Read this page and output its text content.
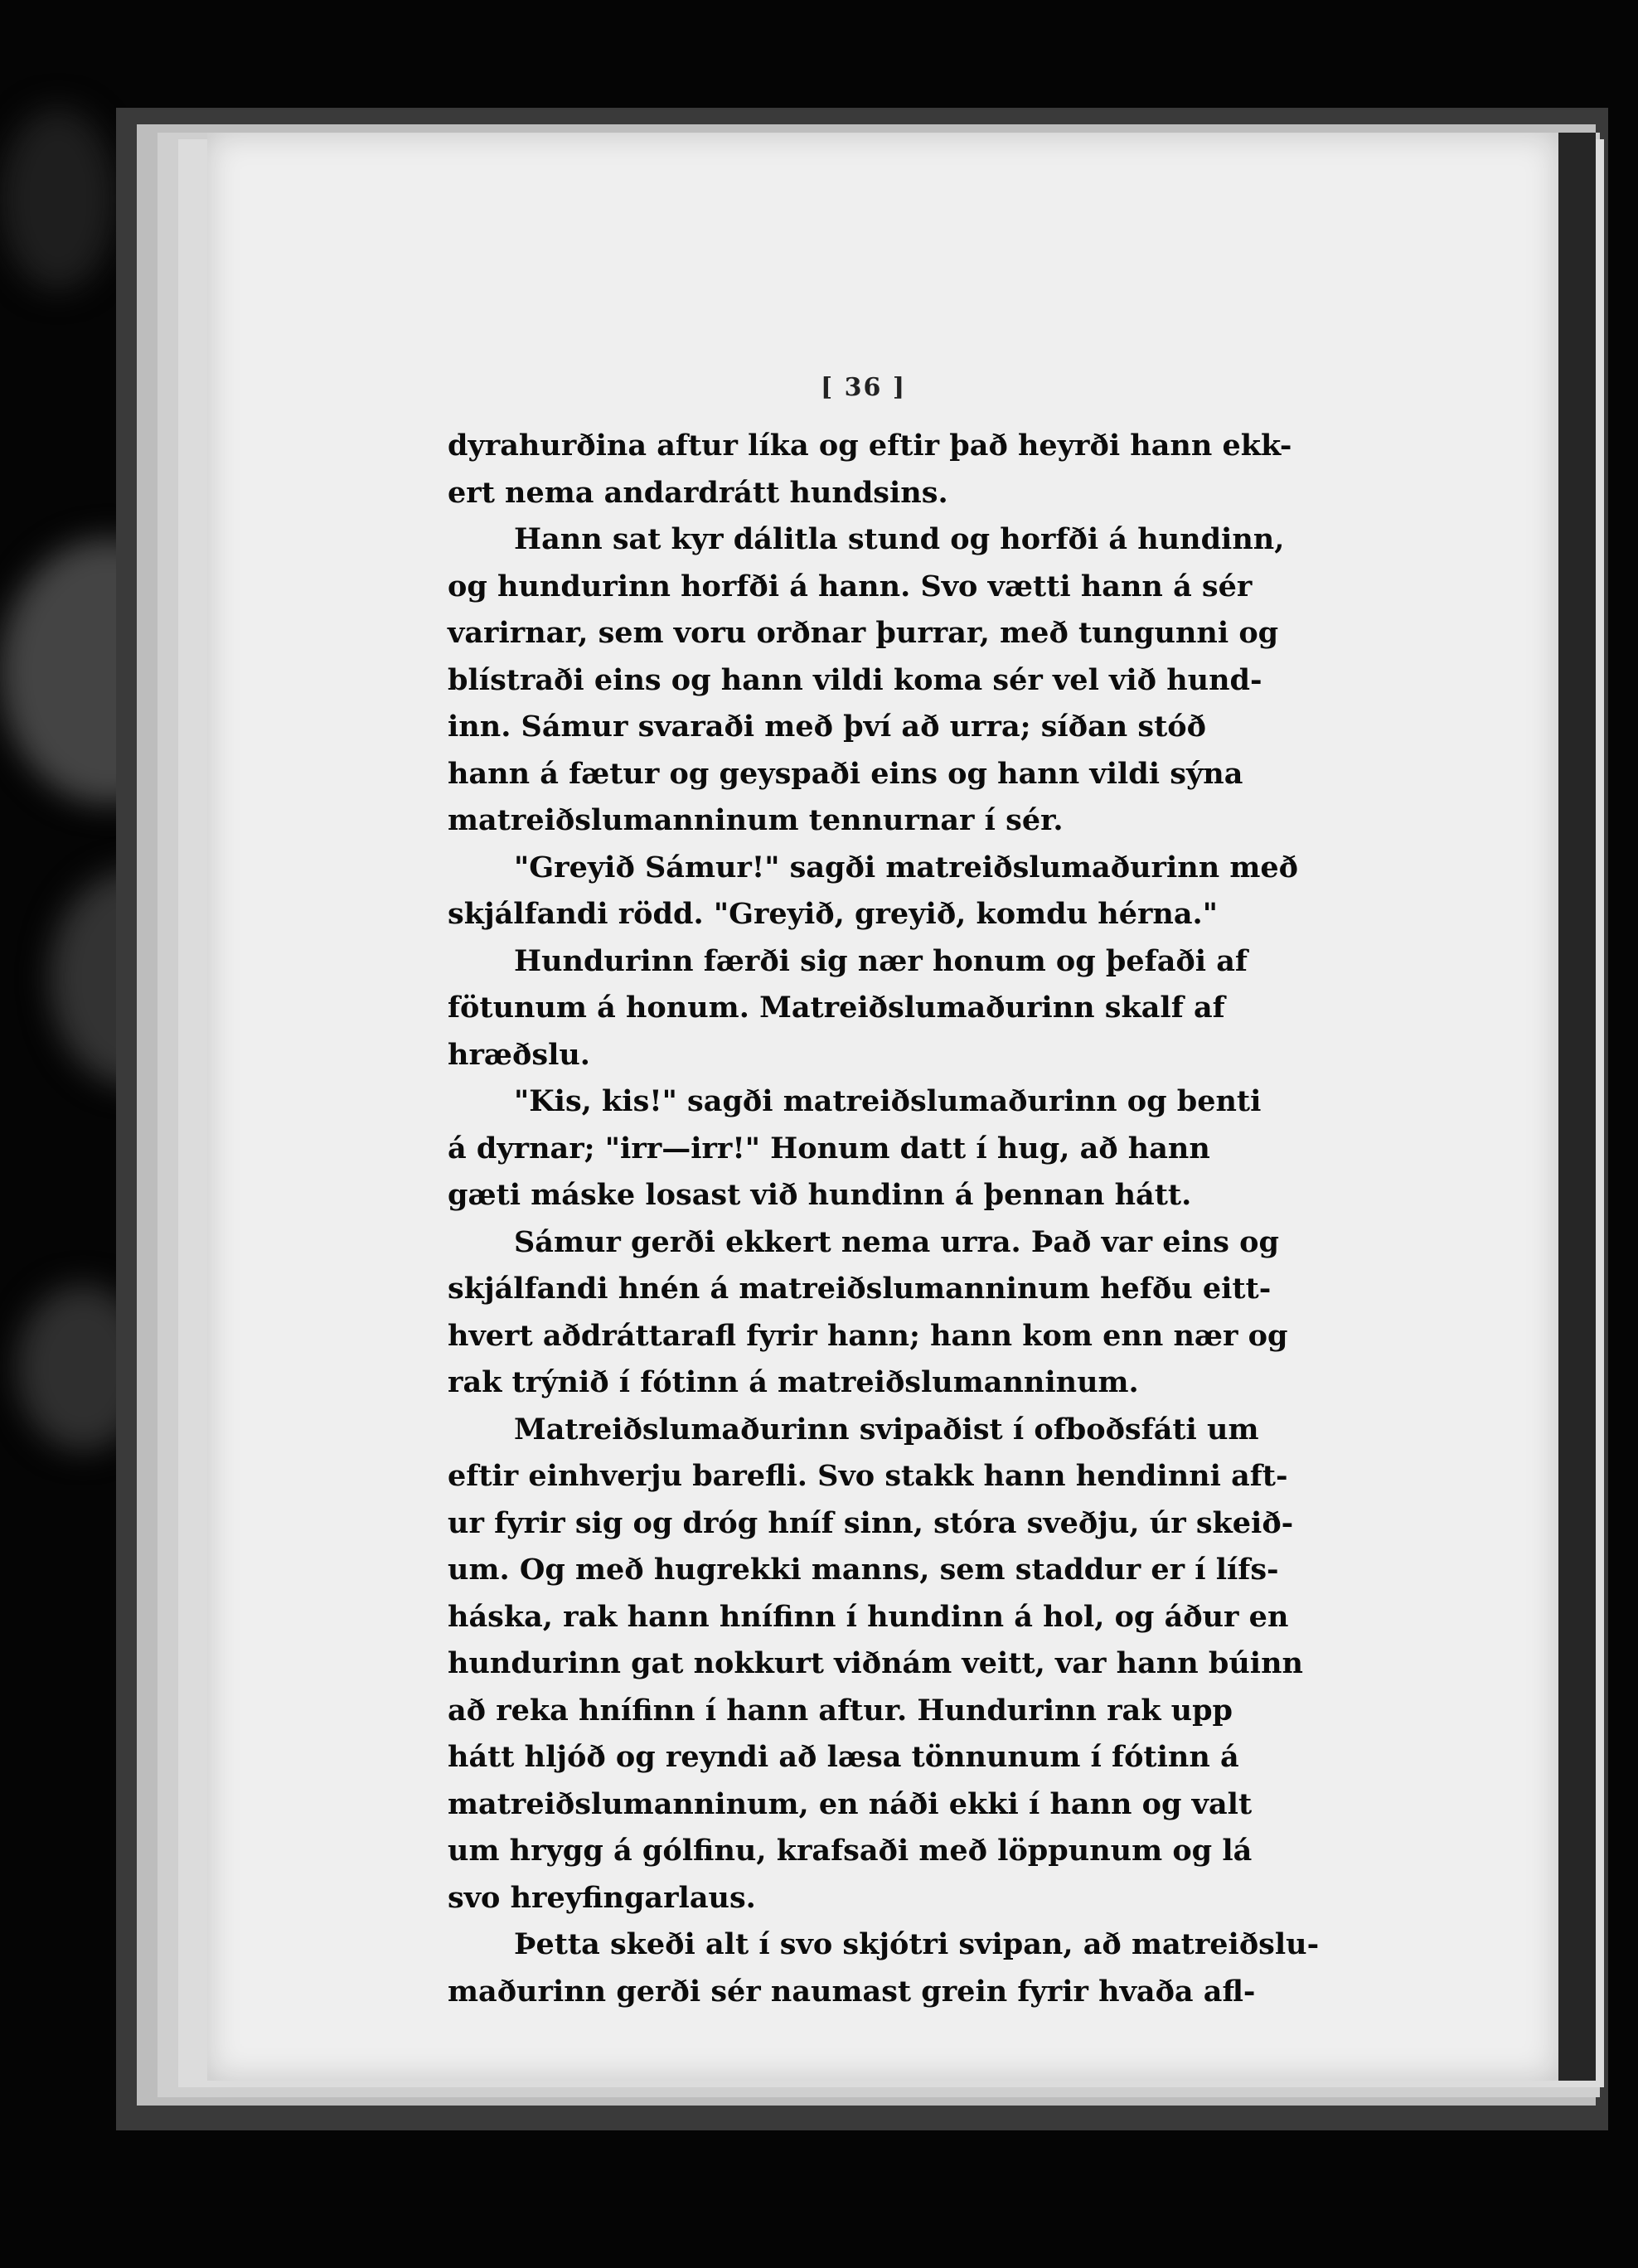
[ 36 ]
dyrahurðina aftur líka og eftir það heyrði hann ekk-
ert nema andardrátt hundsins.
Hann sat kyr dálitla stund og horfði á hundinn,
og hundurinn horfði á hann. Svo vætti hann á sér
varirnar, sem voru orðnar þurrar, með tungunni og
blístraði eins og hann vildi koma sér vel við hund-
inn. Sámur svaraði með því að urra; síðan stóð
hann á fætur og geyspaði eins og hann vildi sýna
matreiðslumanninum tennurnar í sér.
"Greyið Sámur!" sagði matreiðslumaðurinn með
skjálfandi rödd. "Greyið, greyið, komdu hérna."
Hundurinn færði sig nær honum og þefaði af
fötunum á honum. Matreiðslumaðurinn skalf af
hræðslu.
"Kis, kis!" sagði matreiðslumaðurinn og benti
á dyrnar; "irr—irr!" Honum datt í hug, að hann
gæti máske losast við hundinn á þennan hátt.
Sámur gerði ekkert nema urra. Það var eins og
skjálfandi hnén á matreiðslumanninum hefðu eitt-
hvert aðdráttarafl fyrir hann; hann kom enn nær og
rak trýnið í fótinn á matreiðslumanninum.
Matreiðslumaðurinn svipaðist í ofboðsfáti um
eftir einhverju barefli. Svo stakk hann hendinni aft-
ur fyrir sig og dróg hníf sinn, stóra sveðju, úr skeið-
um. Og með hugrekki manns, sem staddur er í lífs-
háska, rak hann hnífinn í hundinn á hol, og áður en
hundurinn gat nokkurt viðnám veitt, var hann búinn
að reka hnífinn í hann aftur. Hundurinn rak upp
hátt hljóð og reyndi að læsa tönnunum í fótinn á
matreiðslumanninum, en náði ekki í hann og valt
um hrygg á gólfinu, krafsaði með löppunum og lá
svo hreyfingarlaus.
Þetta skeði alt í svo skjótri svipan, að matreiðslu-
maðurinn gerði sér naumast grein fyrir hvaða afl-
